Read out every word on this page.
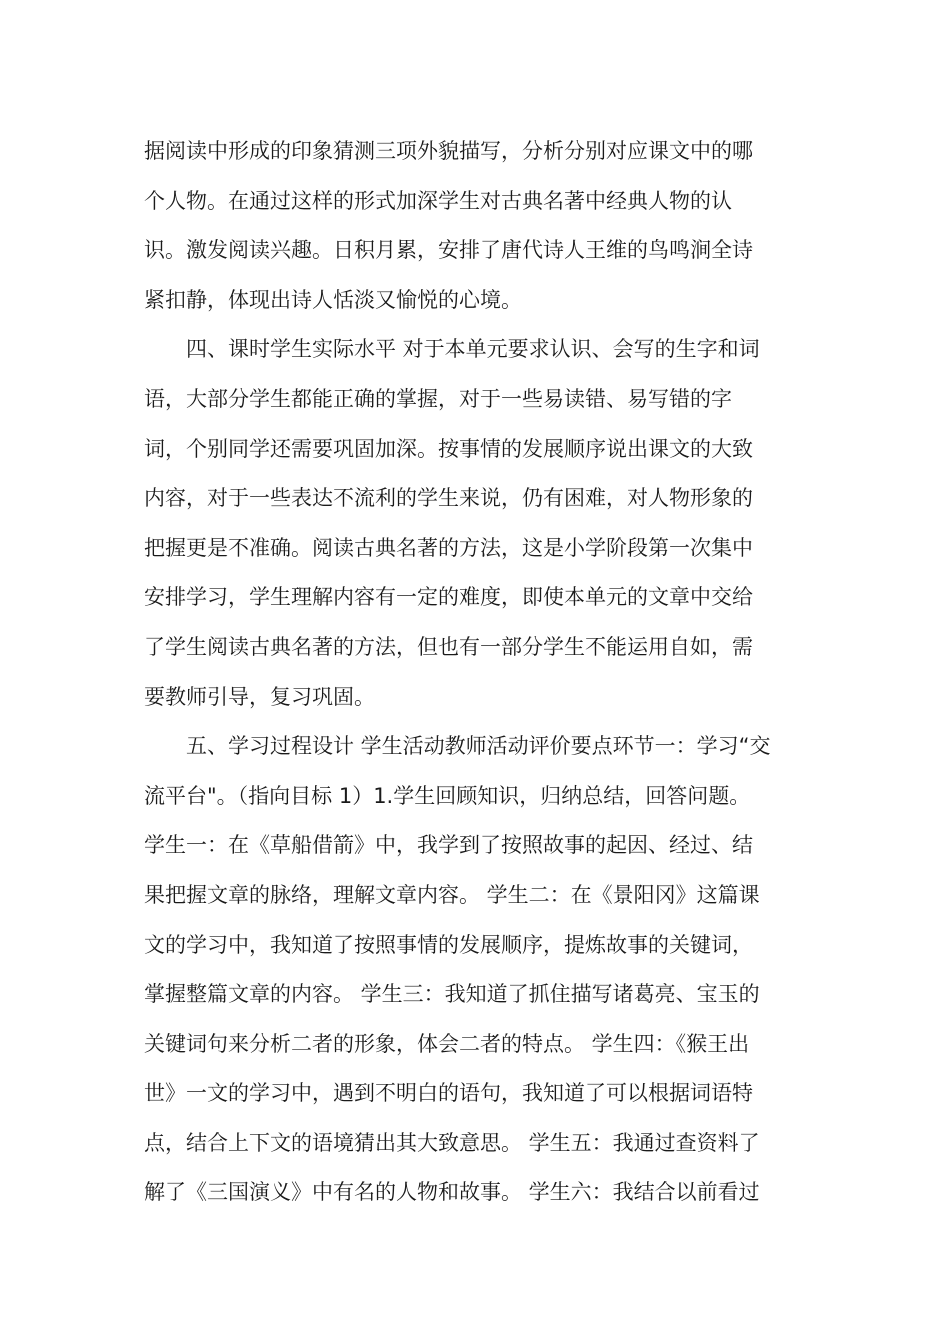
据阅读中形成的印象猜测三项外貌描写，分析分别对应课文中的哪
个人物。在通过这样的形式加深学生对古典名著中经典人物的认
识。激发阅读兴趣。日积月累，安排了唐代诗人王维的鸟鸣涧全诗
紧扣静，体现出诗人恬淡又愉悦的心境。
　　四、课时学生实际水平 对于本单元要求认识、会写的生字和词
语，大部分学生都能正确的掌握，对于一些易读错、易写错的字
词，个别同学还需要巩固加深。按事情的发展顺序说出课文的大致
内容，对于一些表达不流利的学生来说，仍有困难，对人物形象的
把握更是不准确。阅读古典名著的方法，这是小学阶段第一次集中
安排学习，学生理解内容有一定的难度，即使本单元的文章中交给
了学生阅读古典名著的方法，但也有一部分学生不能运用自如，需
要教师引导，复习巩固。
　　五、学习过程设计 学生活动教师活动评价要点环节一：学习“交
流平台"。（指向目标 1）1.学生回顾知识，归纳总结，回答问题。
学生一：在《草船借箭》中，我学到了按照故事的起因、经过、结
果把握文章的脉络，理解文章内容。 学生二：在《景阳冈》这篇课
文的学习中，我知道了按照事情的发展顺序，提炼故事的关键词，
掌握整篇文章的内容。 学生三：我知道了抓住描写诸葛亮、宝玉的
关键词句来分析二者的形象，体会二者的特点。 学生四：《猴王出
世》一文的学习中，遇到不明白的语句，我知道了可以根据词语特
点，结合上下文的语境猜出其大致意思。 学生五：我通过查资料了
解了《三国演义》中有名的人物和故事。 学生六：我结合以前看过
